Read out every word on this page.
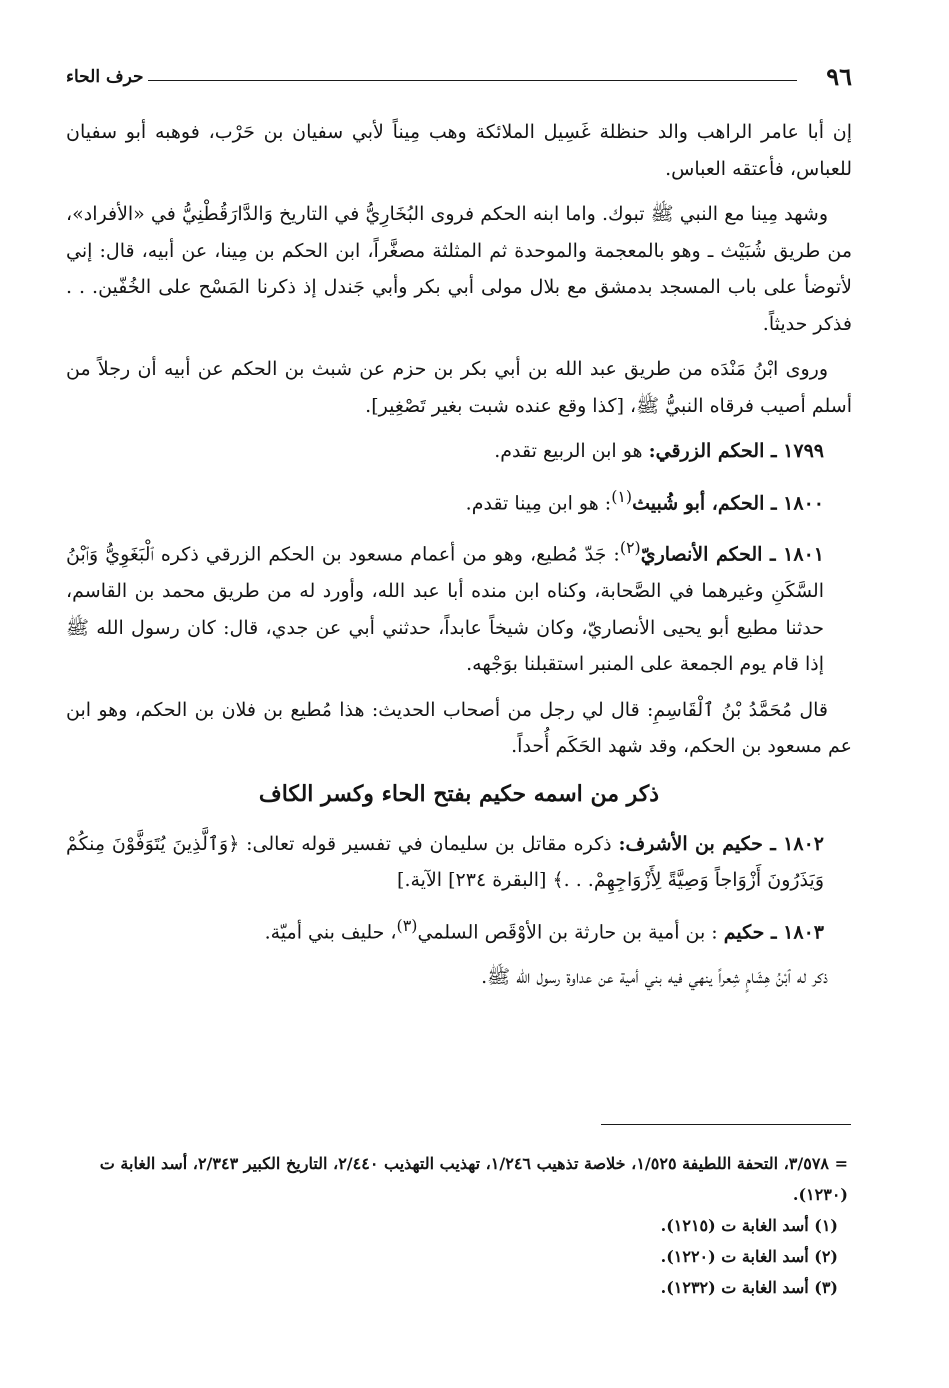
٩٦
حرف الحاء

إن أبا عامر الراهب والد حنظلة غَسِيل الملائكة وهب مِيناً لأبي سفيان بن حَرْب، فوهبه أبو سفيان للعباس، فأعتقه العباس.

وشهد مِينا مع النبي ﷺ تبوك. واما ابنه الحكم فروى البُخَارِيُّ في التاريخ وَالدَّارَقُطْنِيُّ في «الأفراد»، من طريق شُبَيْث ـ وهو بالمعجمة والموحدة ثم المثلثة مصغَّراً، ابن الحكم بن مِينا، عن أبيه، قال: إني لأتوضأ على باب المسجد بدمشق مع بلال مولى أبي بكر وأبي جَندل إذ ذكرنا المَسْح على الخُفّين. . . فذكر حديثاً.

وروى ابْنُ مَنْدَه من طريق عبد الله بن أبي بكر بن حزم عن شبث بن الحكم عن أبيه أن رجلاً من أسلم أصيب فرقاه النبيُّ ﷺ، [كذا وقع عنده شبت بغير تَصْغِير].

١٧٩٩ ـ الحكم الزرقي: هو ابن الربيع تقدم.

١٨٠٠ ـ الحكم، أبو شُبيث$^{(١)}$: هو ابن مِينا تقدم.

١٨٠١ ـ الحكم الأنصاريّ$^{(٢)}$: جَدّ مُطيع، وهو من أعمام مسعود بن الحكم الزرقي ذكره ٱلْبَغَوِيُّ وَٱبْنُ السَّكَنِ وغيرهما في الصَّحابة، وكناه ابن منده أبا عبد الله، وأورد له من طريق محمد بن القاسم، حدثنا مطيع أبو يحيى الأنصاريّ، وكان شيخاً عابداً، حدثني أبي عن جدي، قال: كان رسول الله ﷺ إذا قام يوم الجمعة على المنبر استقبلنا بوَجْهه.

قال مُحَمَّدُ بْنُ ٱلْقَاسِمِ: قال لي رجل من أصحاب الحديث: هذا مُطيع بن فلان بن الحكم، وهو ابن عم مسعود بن الحكم، وقد شهد الحَكَم أُحداً.

ذكر من اسمه حكيم بفتح الحاء وكسر الكاف

١٨٠٢ ـ حكيم بن الأشرف: ذكره مقاتل بن سليمان في تفسير قوله تعالى: ﴿وَٱلَّذِينَ يُتَوَفَّوْنَ مِنكُمْ وَيَذَرُونَ أَزْوَاجاً وَصِيَّةً لِأَزْوَاجِهِمْ. . .﴾ [البقرة ٢٣٤] الآية.]

١٨٠٣ ـ حكيم : بن أمية بن حارثة بن الأوْقَص السلمي$^{(٣)}$، حليف بني أميّة.

ذكر له ٱبْنُ هِشَامٍ شِعراً ينهي فيه بني أمية عن عداوة رسول الله ﷺ.

= ٣/٥٧٨، التحفة اللطيفة ١/٥٢٥، خلاصة تذهيب ١/٢٤٦، تهذيب التهذيب ٢/٤٤٠، التاريخ الكبير ٢/٣٤٣، أسد الغابة ت (١٢٣٠).

(١) أسد الغابة ت (١٢١٥).

(٢) أسد الغابة ت (١٢٢٠).

(٣) أسد الغابة ت (١٢٣٢).
